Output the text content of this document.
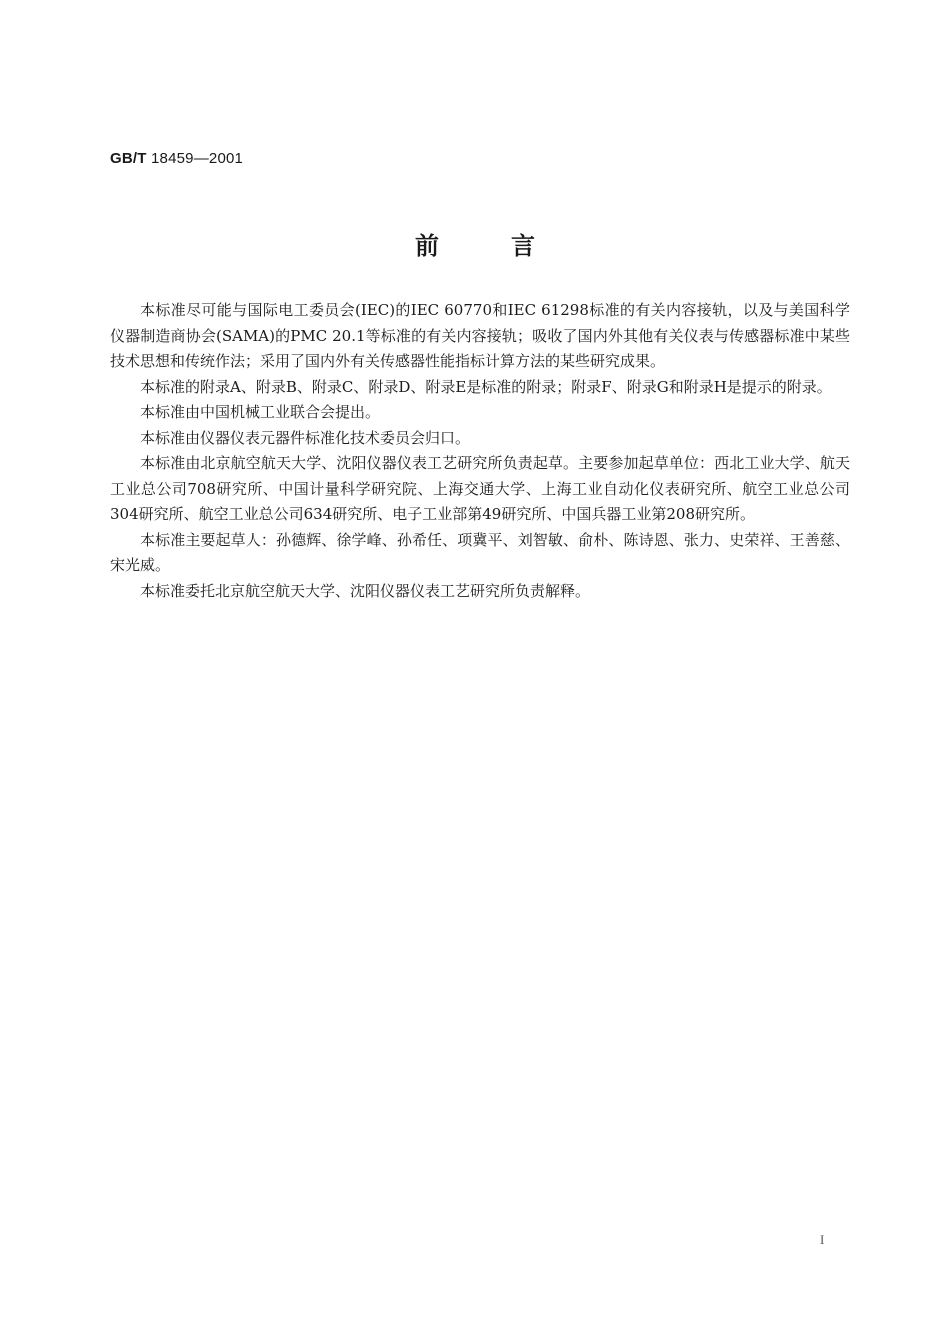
GB/T 18459—2001
前言

本标准尽可能与国际电工委员会(IEC)的IEC 60770和IEC 61298标准的有关内容接轨，以及与美国科学仪器制造商协会(SAMA)的PMC 20.1等标准的有关内容接轨；吸收了国内外其他有关仪表与传感器标准中某些技术思想和传统作法；采用了国内外有关传感器性能指标计算方法的某些研究成果。

本标准的附录A、附录B、附录C、附录D、附录E是标准的附录；附录F、附录G和附录H是提示的附录。

本标准由中国机械工业联合会提出。

本标准由仪器仪表元器件标准化技术委员会归口。

本标准由北京航空航天大学、沈阳仪器仪表工艺研究所负责起草。主要参加起草单位：西北工业大学、航天工业总公司708研究所、中国计量科学研究院、上海交通大学、上海工业自动化仪表研究所、航空工业总公司304研究所、航空工业总公司634研究所、电子工业部第49研究所、中国兵器工业第208研究所。

本标准主要起草人：孙德辉、徐学峰、孙希任、项冀平、刘智敏、俞朴、陈诗恩、张力、史荣祥、王善慈、宋光威。

本标准委托北京航空航天大学、沈阳仪器仪表工艺研究所负责解释。

I
